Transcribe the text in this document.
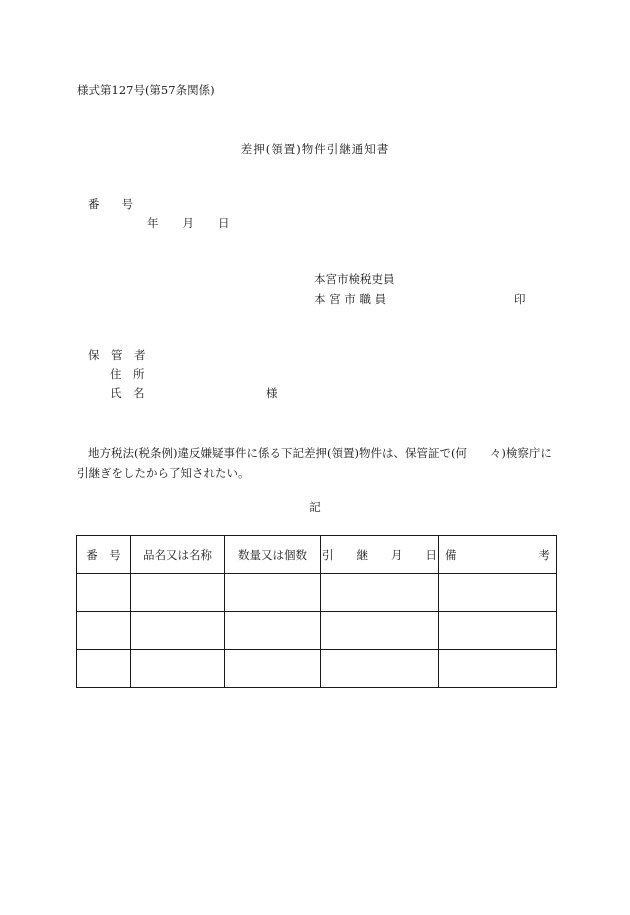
様式第127号(第57条関係)
差押(領置)物件引継通知書
番 号
年 月 日
本宮市検税吏員
本 宮 市 職 員	印
保　管　者
住　所
氏　名	様
地方税法(税条例)違反嫌疑事件に係る下記差押(領置)物件は、保管証で(何　　々)検察庁に引継ぎをしたから了知されたい。
記
番　号	品名又は名称	数量又は個数	引　　継　　月　　日	備 考
